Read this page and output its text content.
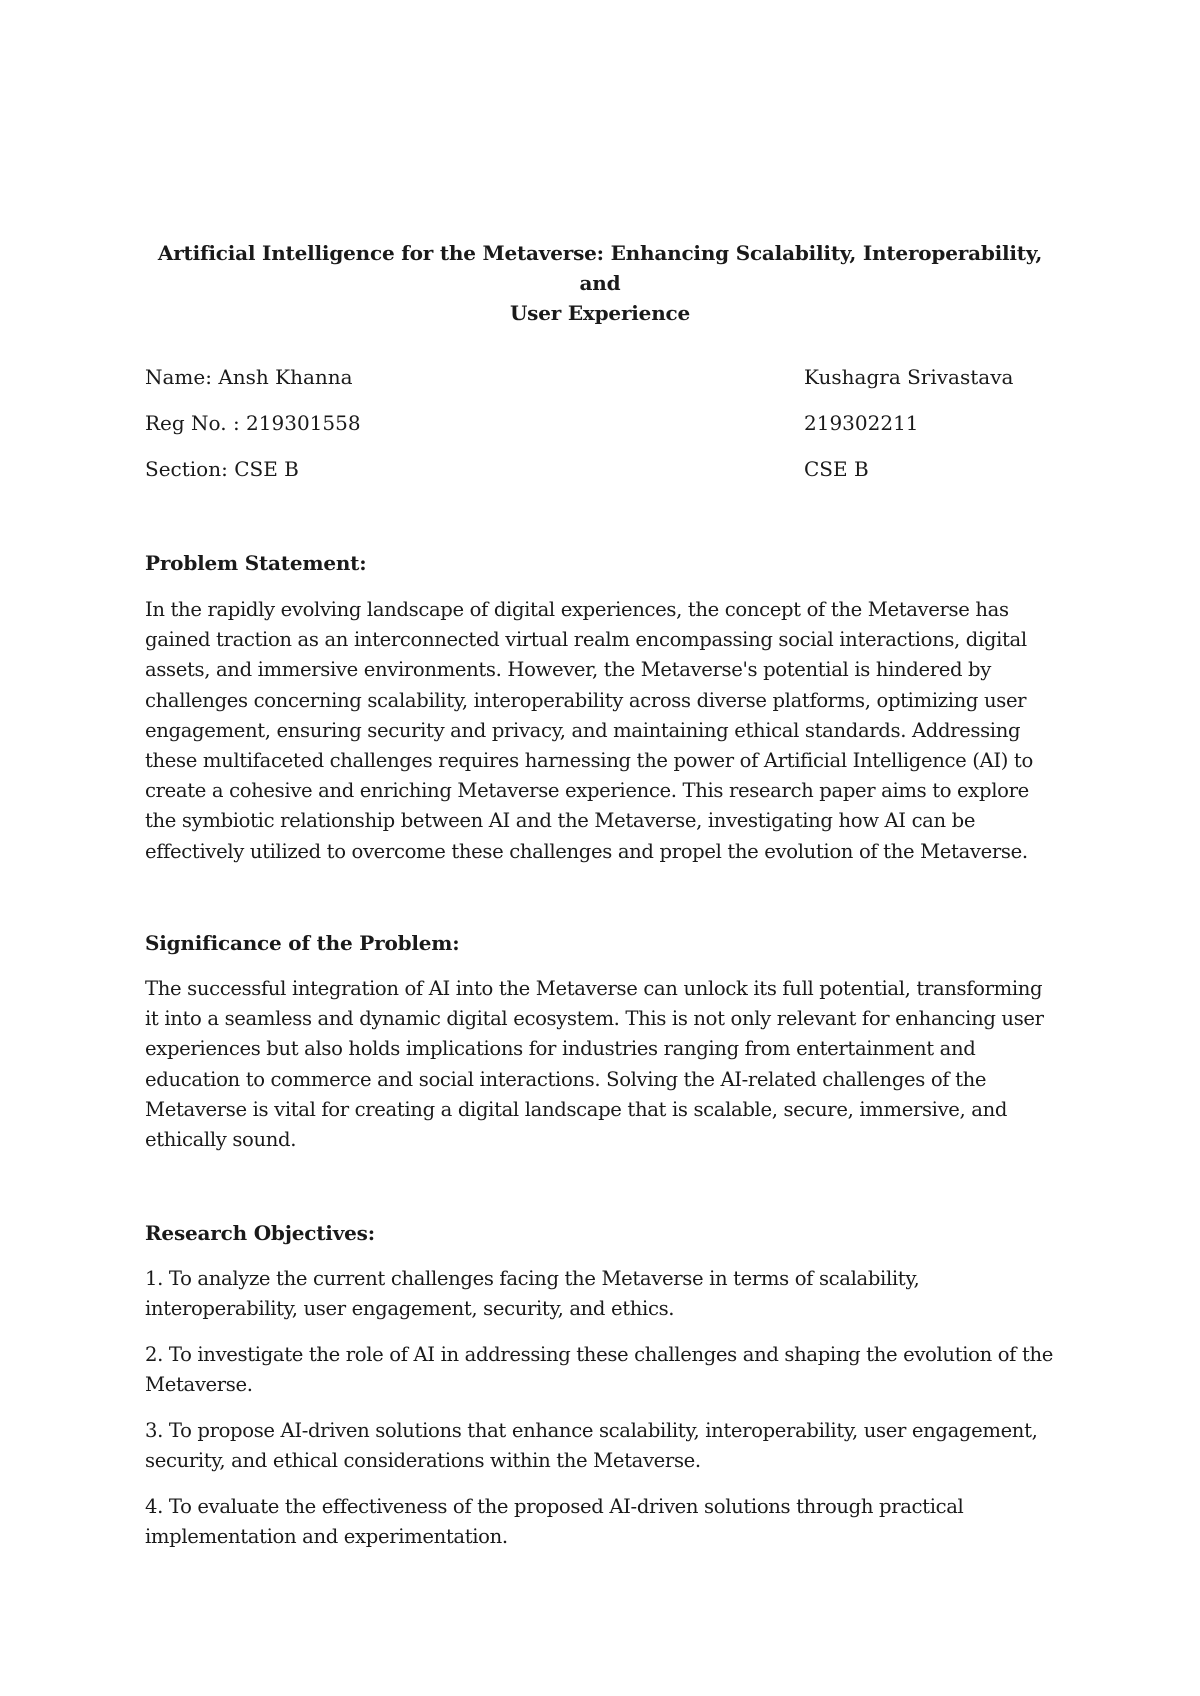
Artificial Intelligence for the Metaverse: Enhancing Scalability, Interoperability, and
User Experience
Name: Ansh Khanna	Kushagra Srivastava
Reg No. : 219301558	219302211
Section: CSE B	CSE B
Problem Statement:
In the rapidly evolving landscape of digital experiences, the concept of the Metaverse has gained traction as an interconnected virtual realm encompassing social interactions, digital assets, and immersive environments. However, the Metaverse's potential is hindered by challenges concerning scalability, interoperability across diverse platforms, optimizing user engagement, ensuring security and privacy, and maintaining ethical standards. Addressing these multifaceted challenges requires harnessing the power of Artificial Intelligence (AI) to create a cohesive and enriching Metaverse experience. This research paper aims to explore the symbiotic relationship between AI and the Metaverse, investigating how AI can be effectively utilized to overcome these challenges and propel the evolution of the Metaverse.
Significance of the Problem:
The successful integration of AI into the Metaverse can unlock its full potential, transforming it into a seamless and dynamic digital ecosystem. This is not only relevant for enhancing user experiences but also holds implications for industries ranging from entertainment and education to commerce and social interactions. Solving the AI-related challenges of the Metaverse is vital for creating a digital landscape that is scalable, secure, immersive, and ethically sound.
Research Objectives:
1. To analyze the current challenges facing the Metaverse in terms of scalability, interoperability, user engagement, security, and ethics.
2. To investigate the role of AI in addressing these challenges and shaping the evolution of the Metaverse.
3. To propose AI-driven solutions that enhance scalability, interoperability, user engagement, security, and ethical considerations within the Metaverse.
4. To evaluate the effectiveness of the proposed AI-driven solutions through practical implementation and experimentation.
